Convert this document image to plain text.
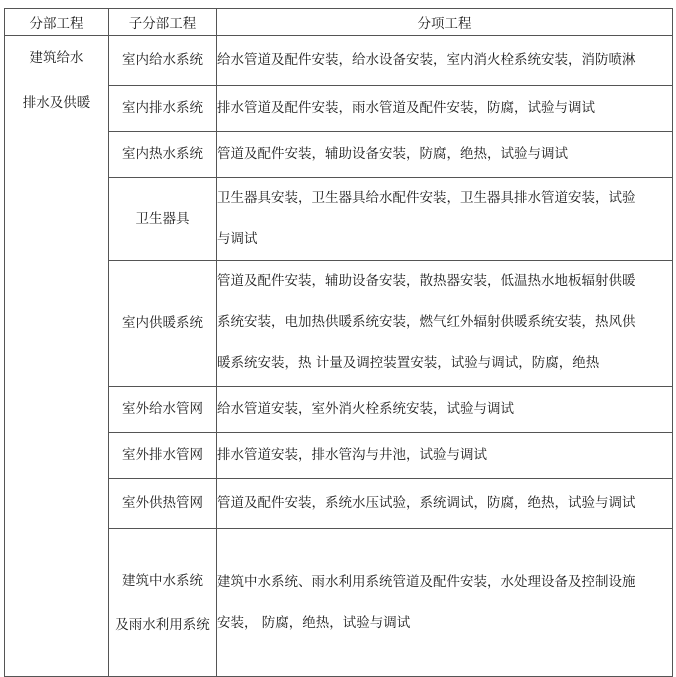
分部工程	子分部工程	分项工程

建筑给水
排水及供暖	室内给水系统	给水管道及配件安装，给水设备安装，室内消火栓系统安装，消防喷淋

	室内排水系统	排水管道及配件安装，雨水管道及配件安装，防腐，试验与调试

	室内热水系统	管道及配件安装，辅助设备安装，防腐，绝热，试验与调试

	卫生器具	卫生器具安装，卫生器具给水配件安装，卫生器具排水管道安装，试验
与调试

	室内供暖系统	管道及配件安装，辅助设备安装，散热器安装，低温热水地板辐射供暖
系统安装，电加热供暖系统安装，燃气红外辐射供暖系统安装，热风供
暖系统安装，热 计量及调控装置安装，试验与调试，防腐，绝热

	室外给水管网	给水管道安装，室外消火栓系统安装，试验与调试

	室外排水管网	排水管道安装，排水管沟与井池，试验与调试

	室外供热管网	管道及配件安装，系统水压试验，系统调试，防腐，绝热，试验与调试

	建筑中水系统
及雨水利用系统	建筑中水系统、雨水利用系统管道及配件安装，水处理设备及控制设施
安装， 防腐，绝热，试验与调试
